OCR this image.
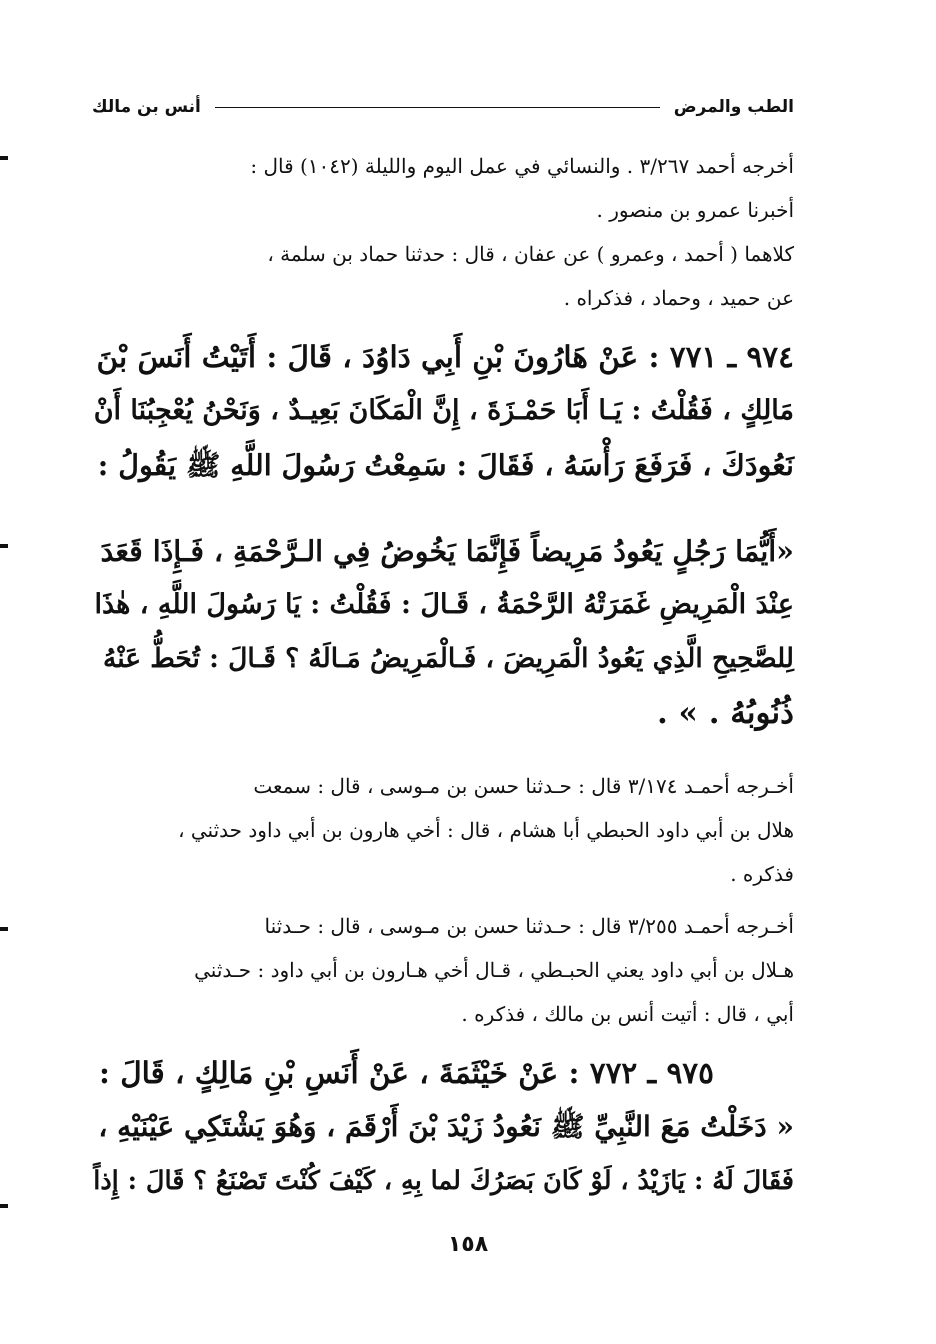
الطب والمرض
أنس بن مالك
أخرجه أحمد ٣/٢٦٧ . والنسائي في عمل اليوم والليلة (١٠٤٢) قال :
أخبرنا عمرو بن منصور .
كلاهما ( أحمد ، وعمرو ) عن عفان ، قال : حدثنا حماد بن سلمة ،
عن حميد ، وحماد ، فذكراه .
٩٧٤ ـ ٧٧١ : عَنْ هَارُونَ بْنِ أَبِي دَاوُدَ ، قَالَ : أَتَيْتُ أَنَسَ بْنَ
مَالِكٍ ، فَقُلْتُ : يَـا أَبَا حَمْـزَةَ ، إِنَّ الْمَكَانَ بَعِيـدٌ ، وَنَحْنُ يُعْجِبُنَا أَنْ
نَعُودَكَ ، فَرَفَعَ رَأْسَهُ ، فَقَالَ : سَمِعْتُ رَسُولَ اللَّهِ ﷺ يَقُولُ :
«أَيُّمَا رَجُلٍ يَعُودُ مَرِيضاً فَإِنَّمَا يَخُوضُ فِي الـرَّحْمَةِ ، فَـإِذَا قَعَدَ
عِنْدَ الْمَرِيضِ غَمَرَتْهُ الرَّحْمَةُ ، قَـالَ : فَقُلْتُ : يَا رَسُولَ اللَّهِ ، هٰذَا
لِلصَّحِيحِ الَّذِي يَعُودُ الْمَرِيضَ ، فَـالْمَرِيضُ مَـالَهُ ؟ قَـالَ : تُحَطُّ عَنْهُ
ذُنُوبُهُ . » .
أخـرجه أحمـد ٣/١٧٤ قال : حـدثنا حسن بن مـوسى ، قال : سمعت
هلال بن أبي داود الحبطي أبا هشام ، قال : أخي هارون بن أبي داود حدثني ،
فذكره .
أخـرجه أحمـد ٣/٢٥٥ قال : حـدثنا حسن بن مـوسى ، قال : حـدثنا
هـلال بن أبي داود يعني الحبـطي ، قـال أخي هـارون بن أبي داود : حـدثني
أبي ، قال : أتيت أنس بن مالك ، فذكره .
٩٧٥ ـ ٧٧٢ : عَنْ خَيْثَمَةَ ، عَنْ أَنَسِ بْنِ مَالِكٍ ، قَالَ :
« دَخَلْتُ مَعَ النَّبِيِّ ﷺ نَعُودُ زَيْدَ بْنَ أَرْقَمَ ، وَهُوَ يَشْتَكِي عَيْنَيْهِ ،
فَقَالَ لَهُ : يَازَيْدُ ، لَوْ كَانَ بَصَرُكَ لما بِهِ ، كَيْفَ كُنْتَ تَصْنَعُ ؟ قَالَ : إِذاً
١٥٨
